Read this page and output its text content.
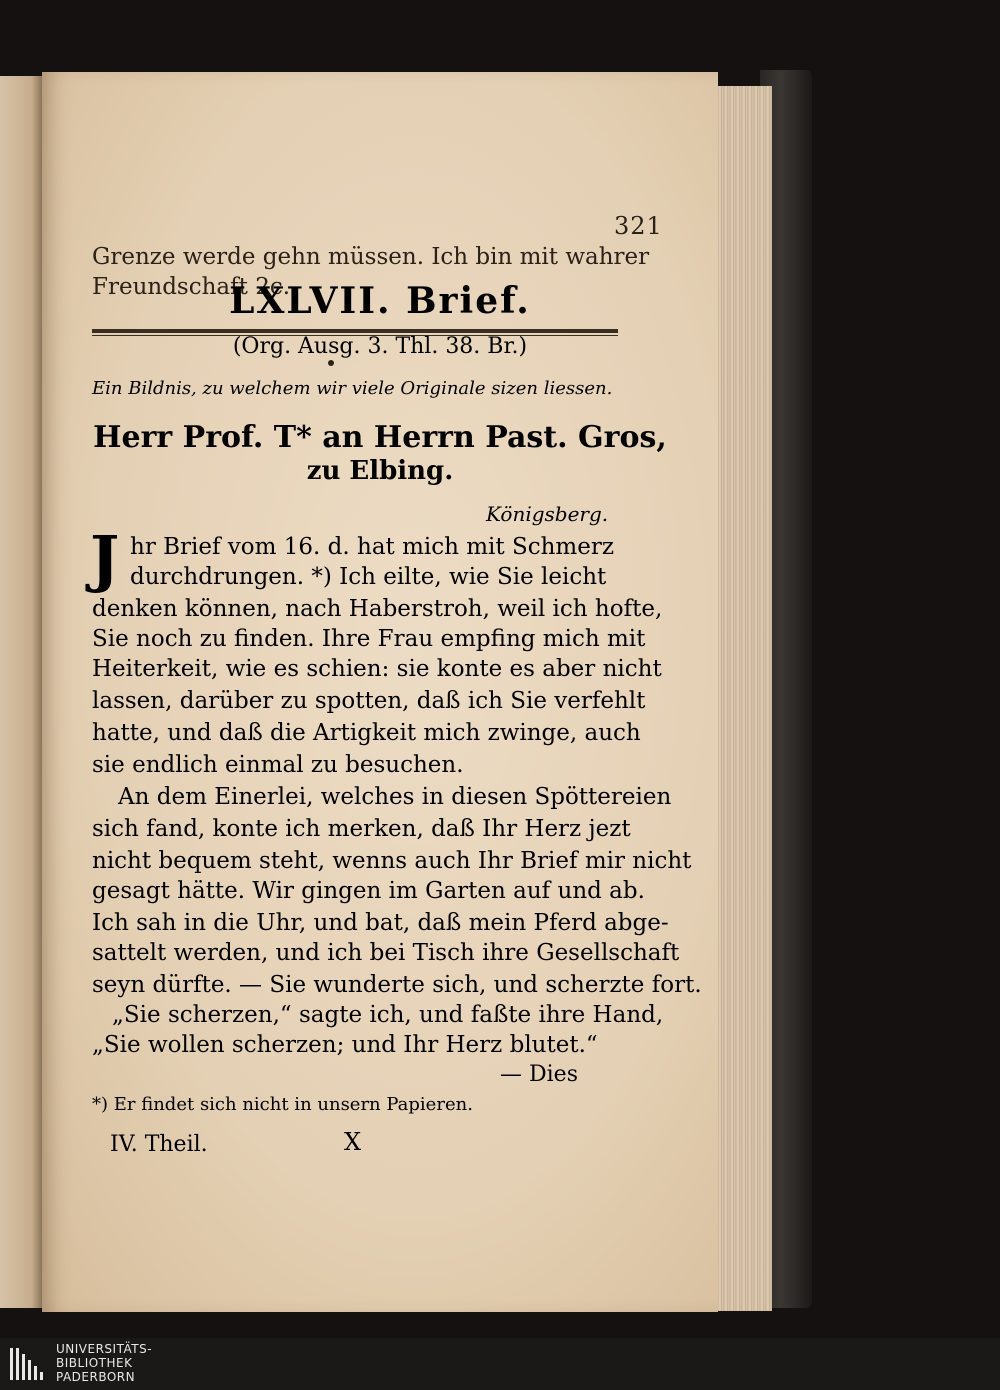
321
Grenze werde gehn müssen. Ich bin mit wahrer
Freundschaft 2c.
LXLVII. Brief.
(Org. Ausg. 3. Thl. 38. Br.)
Ein Bildnis, zu welchem wir viele Originale sizen liessen.
Herr Prof. T* an Herrn Past. Gros,
zu Elbing.
Königsberg.
J hr Brief vom 16. d. hat mich mit Schmerz
durchdrungen. *) Ich eilte, wie Sie leicht
denken können, nach Haberstroh, weil ich hofte,
Sie noch zu finden. Ihre Frau empfing mich mit
Heiterkeit, wie es schien: sie konte es aber nicht
lassen, darüber zu spotten, daß ich Sie verfehlt
hatte, und daß die Artigkeit mich zwinge, auch
sie endlich einmal zu besuchen.
An dem Einerlei, welches in diesen Spöttereien
sich fand, konte ich merken, daß Ihr Herz jezt
nicht bequem steht, wenns auch Ihr Brief mir nicht
gesagt hätte. Wir gingen im Garten auf und ab.
Ich sah in die Uhr, und bat, daß mein Pferd abge-
sattelt werden, und ich bei Tisch ihre Gesellschaft
seyn dürfte. — Sie wunderte sich, und scherzte fort.
„Sie scherzen,“ sagte ich, und faßte ihre Hand,
„Sie wollen scherzen; und Ihr Herz blutet.“
— Dies
*) Er findet sich nicht in unsern Papieren.
IV. Theil.	X
UNIVERSITÄTS-
BIBLIOTHEK
PADERBORN
